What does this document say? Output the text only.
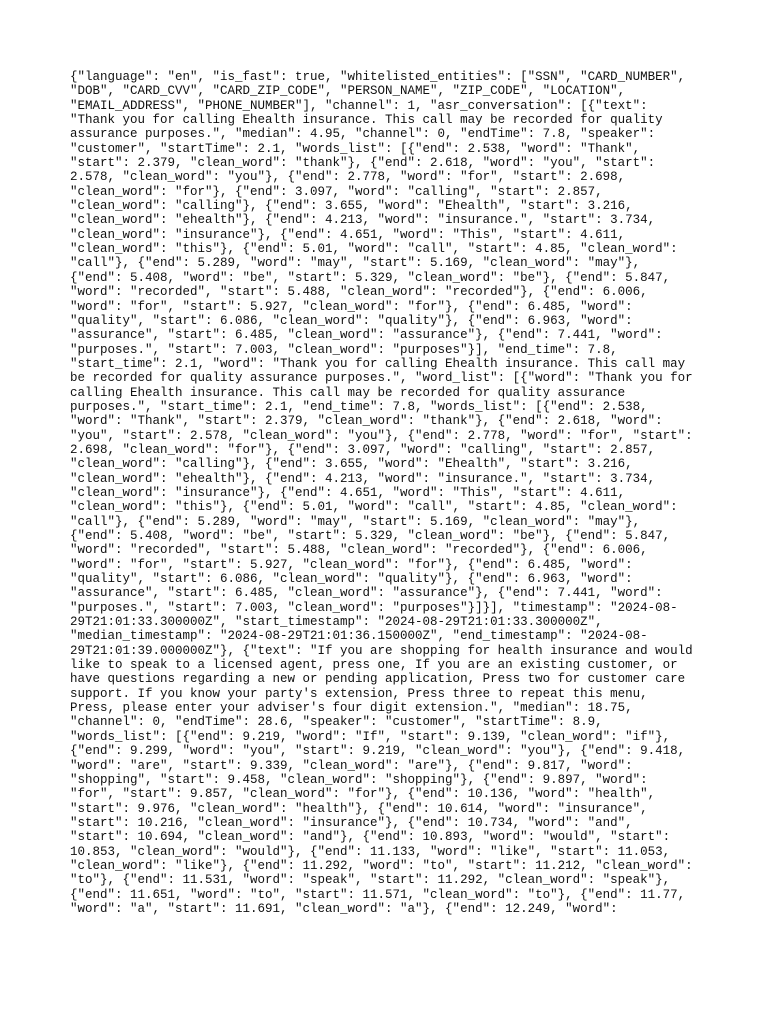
{"language": "en", "is_fast": true, "whitelisted_entities": ["SSN", "CARD_NUMBER",
"DOB", "CARD_CVV", "CARD_ZIP_CODE", "PERSON_NAME", "ZIP_CODE", "LOCATION",
"EMAIL_ADDRESS", "PHONE_NUMBER"], "channel": 1, "asr_conversation": [{"text":
"Thank you for calling Ehealth insurance. This call may be recorded for quality
assurance purposes.", "median": 4.95, "channel": 0, "endTime": 7.8, "speaker":
"customer", "startTime": 2.1, "words_list": [{"end": 2.538, "word": "Thank",
"start": 2.379, "clean_word": "thank"}, {"end": 2.618, "word": "you", "start":
2.578, "clean_word": "you"}, {"end": 2.778, "word": "for", "start": 2.698,
"clean_word": "for"}, {"end": 3.097, "word": "calling", "start": 2.857,
"clean_word": "calling"}, {"end": 3.655, "word": "Ehealth", "start": 3.216,
"clean_word": "ehealth"}, {"end": 4.213, "word": "insurance.", "start": 3.734,
"clean_word": "insurance"}, {"end": 4.651, "word": "This", "start": 4.611,
"clean_word": "this"}, {"end": 5.01, "word": "call", "start": 4.85, "clean_word":
"call"}, {"end": 5.289, "word": "may", "start": 5.169, "clean_word": "may"},
{"end": 5.408, "word": "be", "start": 5.329, "clean_word": "be"}, {"end": 5.847,
"word": "recorded", "start": 5.488, "clean_word": "recorded"}, {"end": 6.006,
"word": "for", "start": 5.927, "clean_word": "for"}, {"end": 6.485, "word":
"quality", "start": 6.086, "clean_word": "quality"}, {"end": 6.963, "word":
"assurance", "start": 6.485, "clean_word": "assurance"}, {"end": 7.441, "word":
"purposes.", "start": 7.003, "clean_word": "purposes"}], "end_time": 7.8,
"start_time": 2.1, "word": "Thank you for calling Ehealth insurance. This call may
be recorded for quality assurance purposes.", "word_list": [{"word": "Thank you for
calling Ehealth insurance. This call may be recorded for quality assurance
purposes.", "start_time": 2.1, "end_time": 7.8, "words_list": [{"end": 2.538,
"word": "Thank", "start": 2.379, "clean_word": "thank"}, {"end": 2.618, "word":
"you", "start": 2.578, "clean_word": "you"}, {"end": 2.778, "word": "for", "start":
2.698, "clean_word": "for"}, {"end": 3.097, "word": "calling", "start": 2.857,
"clean_word": "calling"}, {"end": 3.655, "word": "Ehealth", "start": 3.216,
"clean_word": "ehealth"}, {"end": 4.213, "word": "insurance.", "start": 3.734,
"clean_word": "insurance"}, {"end": 4.651, "word": "This", "start": 4.611,
"clean_word": "this"}, {"end": 5.01, "word": "call", "start": 4.85, "clean_word":
"call"}, {"end": 5.289, "word": "may", "start": 5.169, "clean_word": "may"},
{"end": 5.408, "word": "be", "start": 5.329, "clean_word": "be"}, {"end": 5.847,
"word": "recorded", "start": 5.488, "clean_word": "recorded"}, {"end": 6.006,
"word": "for", "start": 5.927, "clean_word": "for"}, {"end": 6.485, "word":
"quality", "start": 6.086, "clean_word": "quality"}, {"end": 6.963, "word":
"assurance", "start": 6.485, "clean_word": "assurance"}, {"end": 7.441, "word":
"purposes.", "start": 7.003, "clean_word": "purposes"}]}], "timestamp": "2024-08-
29T21:01:33.300000Z", "start_timestamp": "2024-08-29T21:01:33.300000Z",
"median_timestamp": "2024-08-29T21:01:36.150000Z", "end_timestamp": "2024-08-
29T21:01:39.000000Z"}, {"text": "If you are shopping for health insurance and would
like to speak to a licensed agent, press one, If you are an existing customer, or
have questions regarding a new or pending application, Press two for customer care
support. If you know your party's extension, Press three to repeat this menu,
Press, please enter your adviser's four digit extension.", "median": 18.75,
"channel": 0, "endTime": 28.6, "speaker": "customer", "startTime": 8.9,
"words_list": [{"end": 9.219, "word": "If", "start": 9.139, "clean_word": "if"},
{"end": 9.299, "word": "you", "start": 9.219, "clean_word": "you"}, {"end": 9.418,
"word": "are", "start": 9.339, "clean_word": "are"}, {"end": 9.817, "word":
"shopping", "start": 9.458, "clean_word": "shopping"}, {"end": 9.897, "word":
"for", "start": 9.857, "clean_word": "for"}, {"end": 10.136, "word": "health",
"start": 9.976, "clean_word": "health"}, {"end": 10.614, "word": "insurance",
"start": 10.216, "clean_word": "insurance"}, {"end": 10.734, "word": "and",
"start": 10.694, "clean_word": "and"}, {"end": 10.893, "word": "would", "start":
10.853, "clean_word": "would"}, {"end": 11.133, "word": "like", "start": 11.053,
"clean_word": "like"}, {"end": 11.292, "word": "to", "start": 11.212, "clean_word":
"to"}, {"end": 11.531, "word": "speak", "start": 11.292, "clean_word": "speak"},
{"end": 11.651, "word": "to", "start": 11.571, "clean_word": "to"}, {"end": 11.77,
"word": "a", "start": 11.691, "clean_word": "a"}, {"end": 12.249, "word":
